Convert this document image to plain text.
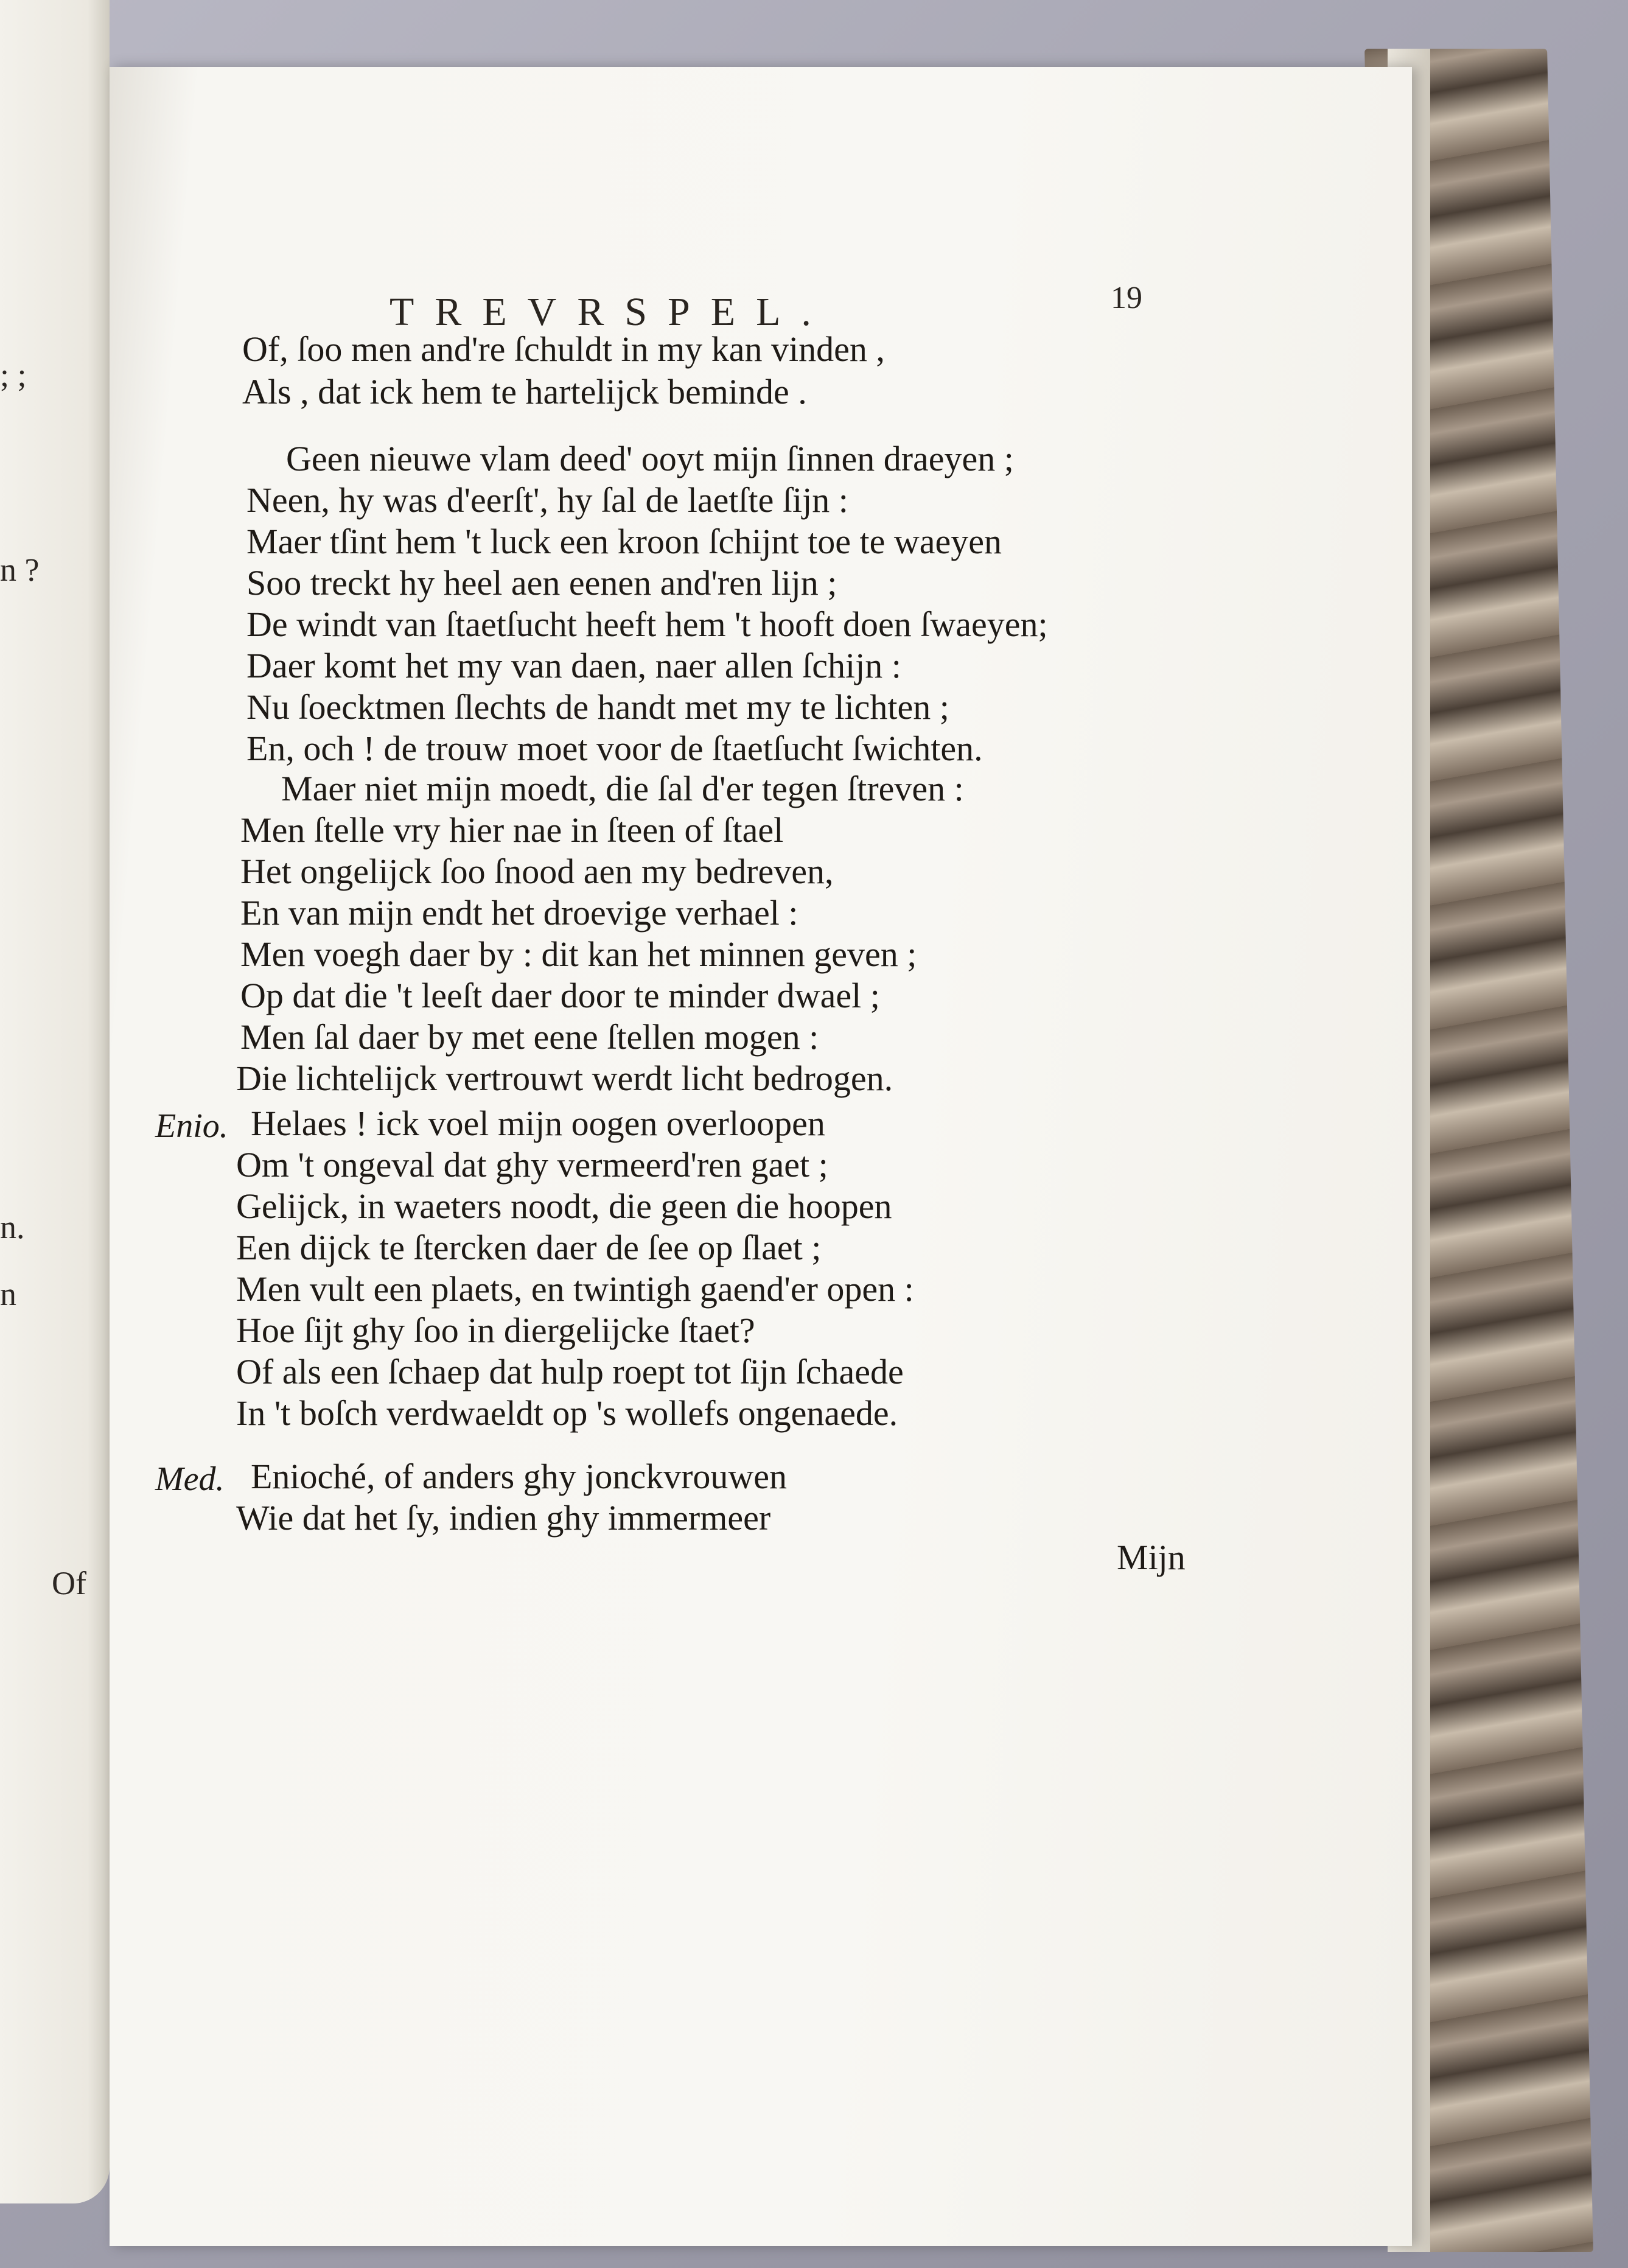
; ;
n ?
n.
n
Of
TREVRSPEL.	19
Of, ſoo men and're ſchuldt in my kan vinden ,
Als , dat ick hem te hartelijck beminde .
Geen nieuwe vlam deed' ooyt mijn ſinnen draeyen ;
Neen, hy was d'eerſt', hy ſal de laetſte ſijn :
Maer tſint hem 't luck een kroon ſchijnt toe te waeyen
Soo treckt hy heel aen eenen and'ren lijn ;
De windt van ſtaetſucht heeft hem 't hooft doen ſwaeyen;
Daer komt het my van daen, naer allen ſchijn :
Nu ſoecktmen ſlechts de handt met my te lichten ;
En, och ! de trouw moet voor de ſtaetſucht ſwichten.
Maer niet mijn moedt, die ſal d'er tegen ſtreven :
Men ſtelle vry hier nae in ſteen of ſtael
Het ongelijck ſoo ſnood aen my bedreven,
En van mijn endt het droevige verhael :
Men voegh daer by : dit kan het minnen geven ;
Op dat die 't leeſt daer door te minder dwael ;
Men ſal daer by met eene ſtellen mogen :
Die lichtelijck vertrouwt werdt licht bedrogen.
Enio. Helaes ! ick voel mijn oogen overloopen
Om 't ongeval dat ghy vermeerd'ren gaet ;
Gelijck, in waeters noodt, die geen die hoopen
Een dijck te ſtercken daer de ſee op ſlaet ;
Men vult een plaets, en twintigh gaend'er open :
Hoe ſijt ghy ſoo in diergelijcke ſtaet?
Of als een ſchaep dat hulp roept tot ſijn ſchaede
In 't boſch verdwaeldt op 's wollefs ongenaede.
Med. Enioché, of anders ghy jonckvrouwen
Wie dat het ſy, indien ghy immermeer
Mijn
